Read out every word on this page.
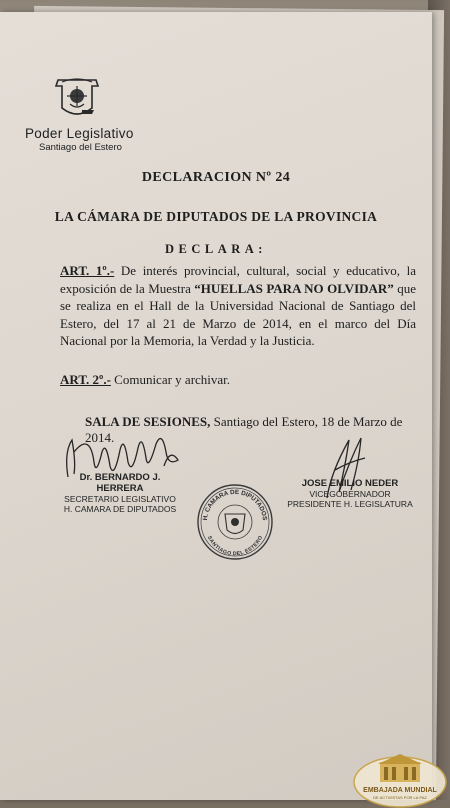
Poder Legislativo
Santiago del Estero
DECLARACION Nº 24
LA CÁMARA DE DIPUTADOS DE LA PROVINCIA
DECLARA:
ART. 1º.- De interés provincial, cultural, social y educativo, la exposición de la Muestra “HUELLAS PARA NO OLVIDAR” que se realiza en el Hall de la Universidad Nacional de Santiago del Estero, del 17 al 21 de Marzo de 2014, en el marco del Día Nacional por la Memoria, la Verdad y la Justicia.
ART. 2º.- Comunicar y archivar.
SALA DE SESIONES, Santiago del Estero, 18 de Marzo de 2014.
Dr. BERNARDO J. HERRERA
SECRETARIO LEGISLATIVO
H. CAMARA DE DIPUTADOS
JOSE EMILIO NEDER
VICEGOBERNADOR
PRESIDENTE H. LEGISLATURA
H. CAMARA DE DIPUTADOS
SANTIAGO DEL ESTERO
EMBAJADA MUNDIAL
DE ACTIVISTAS POR LA PAZ
